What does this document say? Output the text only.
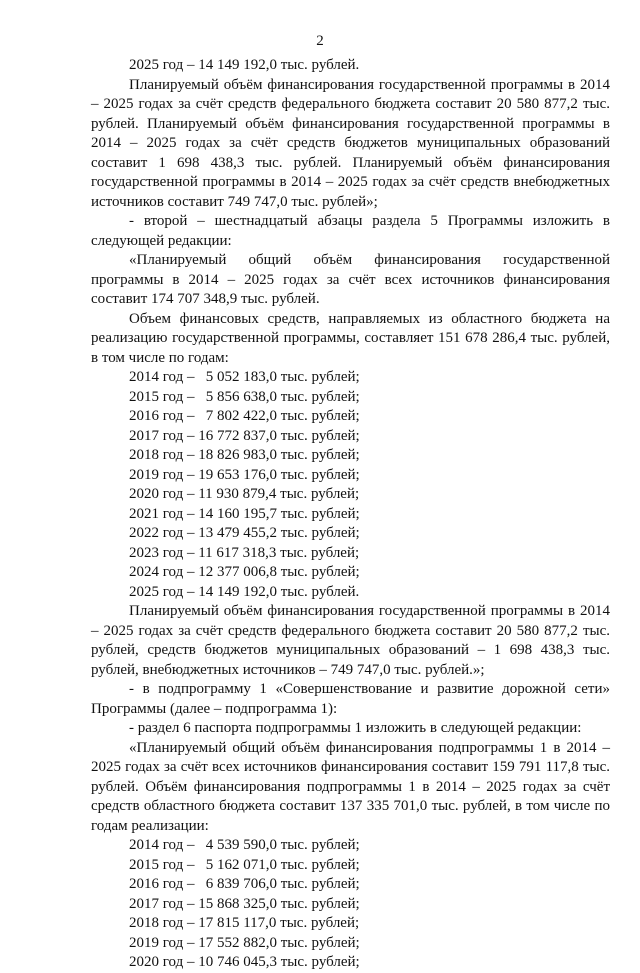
2

2025 год – 14 149 192,0 тыс. рублей.

Планируемый объём финансирования государственной программы в 2014 – 2025 годах за счёт средств федерального бюджета составит 20 580 877,2 тыс. рублей. Планируемый объём финансирования государственной программы в 2014 – 2025 годах за счёт средств бюджетов муниципальных образований составит 1 698 438,3 тыс. рублей. Планируемый объём финансирования государственной программы в 2014 – 2025 годах за счёт средств внебюджетных источников составит 749 747,0 тыс. рублей»;

- второй – шестнадцатый абзацы раздела 5 Программы изложить в следующей редакции:

«Планируемый общий объём финансирования государственной программы в 2014 – 2025 годах за счёт всех источников финансирования составит 174 707 348,9 тыс. рублей.

Объем финансовых средств, направляемых из областного бюджета на реализацию государственной программы, составляет 151 678 286,4 тыс. рублей, в том числе по годам:

2014 год –   5 052 183,0 тыс. рублей;

2015 год –   5 856 638,0 тыс. рублей;

2016 год –   7 802 422,0 тыс. рублей;

2017 год – 16 772 837,0 тыс. рублей;

2018 год – 18 826 983,0 тыс. рублей;

2019 год – 19 653 176,0 тыс. рублей;

2020 год – 11 930 879,4 тыс. рублей;

2021 год – 14 160 195,7 тыс. рублей;

2022 год – 13 479 455,2 тыс. рублей;

2023 год – 11 617 318,3 тыс. рублей;

2024 год – 12 377 006,8 тыс. рублей;

2025 год – 14 149 192,0 тыс. рублей.

Планируемый объём финансирования государственной программы в 2014 – 2025 годах за счёт средств федерального бюджета составит 20 580 877,2 тыс. рублей, средств бюджетов муниципальных образований – 1 698 438,3 тыс. рублей, внебюджетных источников – 749 747,0 тыс. рублей.»;

- в подпрограмму 1 «Совершенствование и развитие дорожной сети» Программы (далее – подпрограмма 1):

- раздел 6 паспорта подпрограммы 1 изложить в следующей редакции:

«Планируемый общий объём финансирования подпрограммы 1 в 2014 – 2025 годах за счёт всех источников финансирования составит 159 791 117,8 тыс. рублей. Объём финансирования подпрограммы 1 в 2014 – 2025 годах за счёт средств областного бюджета составит 137 335 701,0 тыс. рублей, в том числе по годам реализации:

2014 год –   4 539 590,0 тыс. рублей;

2015 год –   5 162 071,0 тыс. рублей;

2016 год –   6 839 706,0 тыс. рублей;

2017 год – 15 868 325,0 тыс. рублей;

2018 год – 17 815 117,0 тыс. рублей;

2019 год – 17 552 882,0 тыс. рублей;

2020 год – 10 746 045,3 тыс. рублей;
